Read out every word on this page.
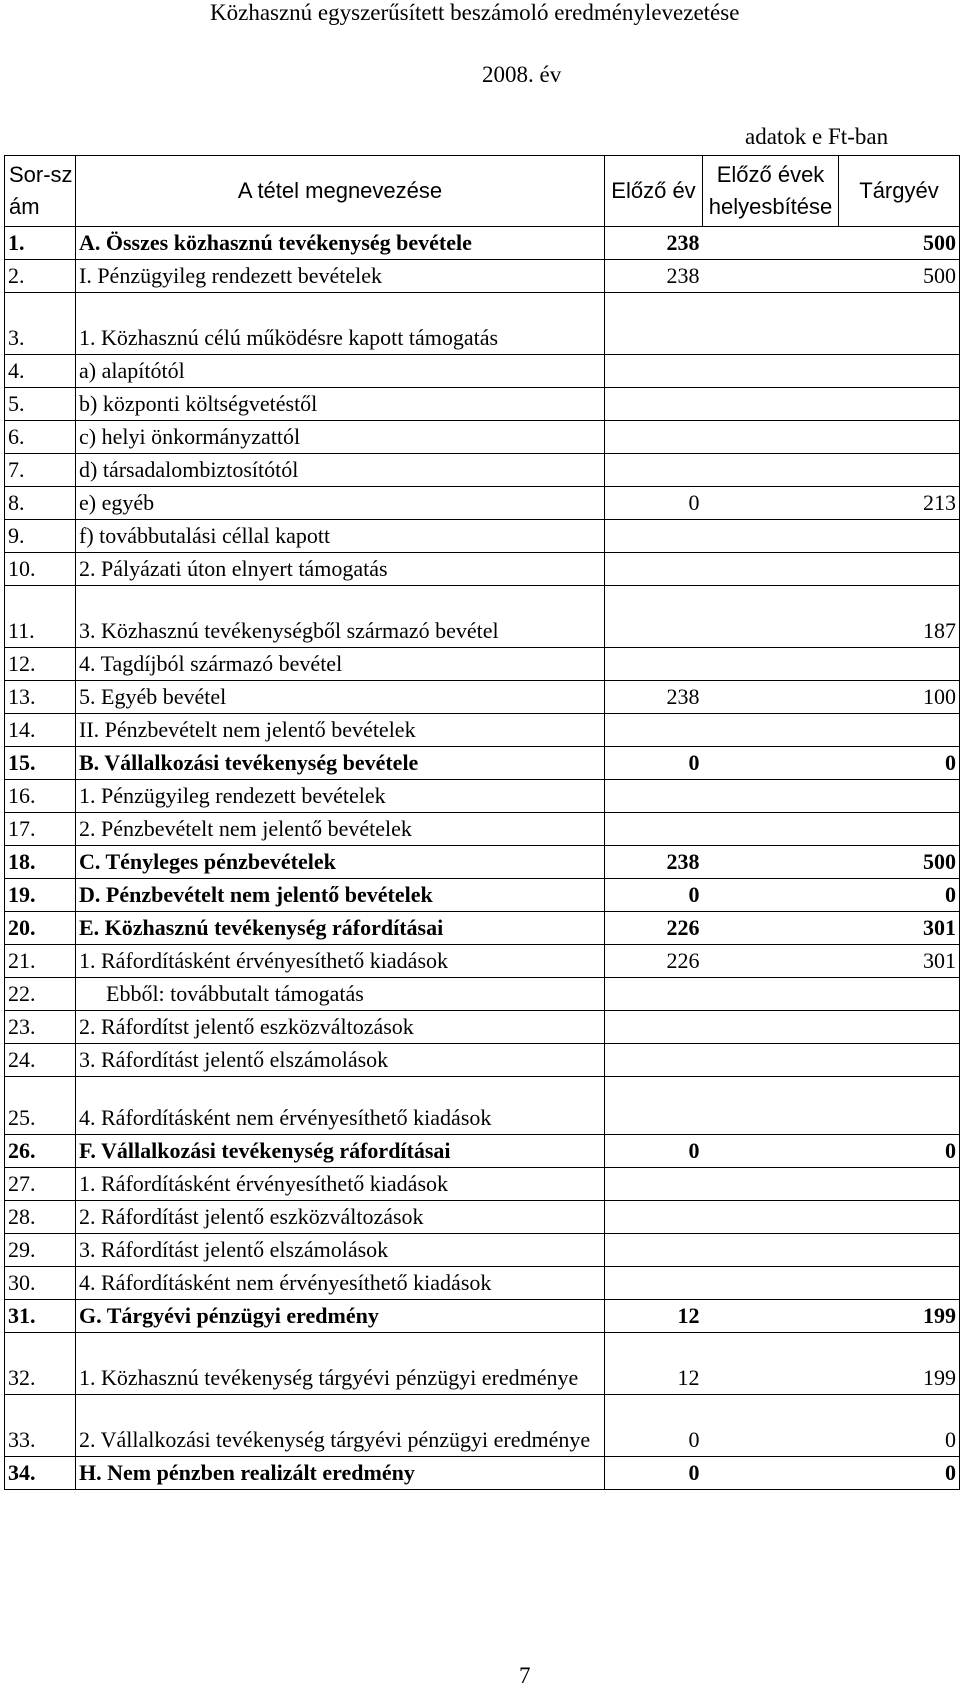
Közhasznú egyszerűsített beszámoló eredménylevezetése
2008. év
adatok e Ft-ban
Sor-szám	A tétel megnevezése	Előző év	Előző évek helyesbítése	Tárgyév
1.	A. Összes közhasznú tevékenység bevétele	238		500
2.	I. Pénzügyileg rendezett bevételek	238		500
3.	1. Közhasznú célú működésre kapott támogatás			
4.	a) alapítótól			
5.	b) központi költségvetéstől			
6.	c) helyi önkormányzattól			
7.	d) társadalombiztosítótól			
8.	e) egyéb	0		213
9.	f) továbbutalási céllal kapott			
10.	2. Pályázati úton elnyert támogatás			
11.	3. Közhasznú tevékenységből származó bevétel			187
12.	4. Tagdíjból származó bevétel			
13.	5. Egyéb bevétel	238		100
14.	II. Pénzbevételt nem jelentő bevételek			
15.	B. Vállalkozási tevékenység bevétele	0		0
16.	1. Pénzügyileg rendezett bevételek			
17.	2. Pénzbevételt nem jelentő bevételek			
18.	C. Tényleges pénzbevételek	238		500
19.	D. Pénzbevételt nem jelentő bevételek	0		0
20.	E. Közhasznú tevékenység ráfordításai	226		301
21.	1. Ráfordításként érvényesíthető kiadások	226		301
22.	Ebből: továbbutalt támogatás			
23.	2. Ráfordítst jelentő eszközváltozások			
24.	3. Ráfordítást jelentő elszámolások			
25.	4. Ráfordításként nem érvényesíthető kiadások			
26.	F. Vállalkozási tevékenység ráfordításai	0		0
27.	1. Ráfordításként érvényesíthető kiadások			
28.	2. Ráfordítást jelentő eszközváltozások			
29.	3. Ráfordítást jelentő elszámolások			
30.	4. Ráfordításként nem érvényesíthető kiadások			
31.	G. Tárgyévi pénzügyi eredmény	12		199
32.	1. Közhasznú tevékenység tárgyévi pénzügyi eredménye	12		199
33.	2. Vállalkozási tevékenység tárgyévi pénzügyi eredménye	0		0
34.	H. Nem pénzben realizált eredmény	0		0
7
